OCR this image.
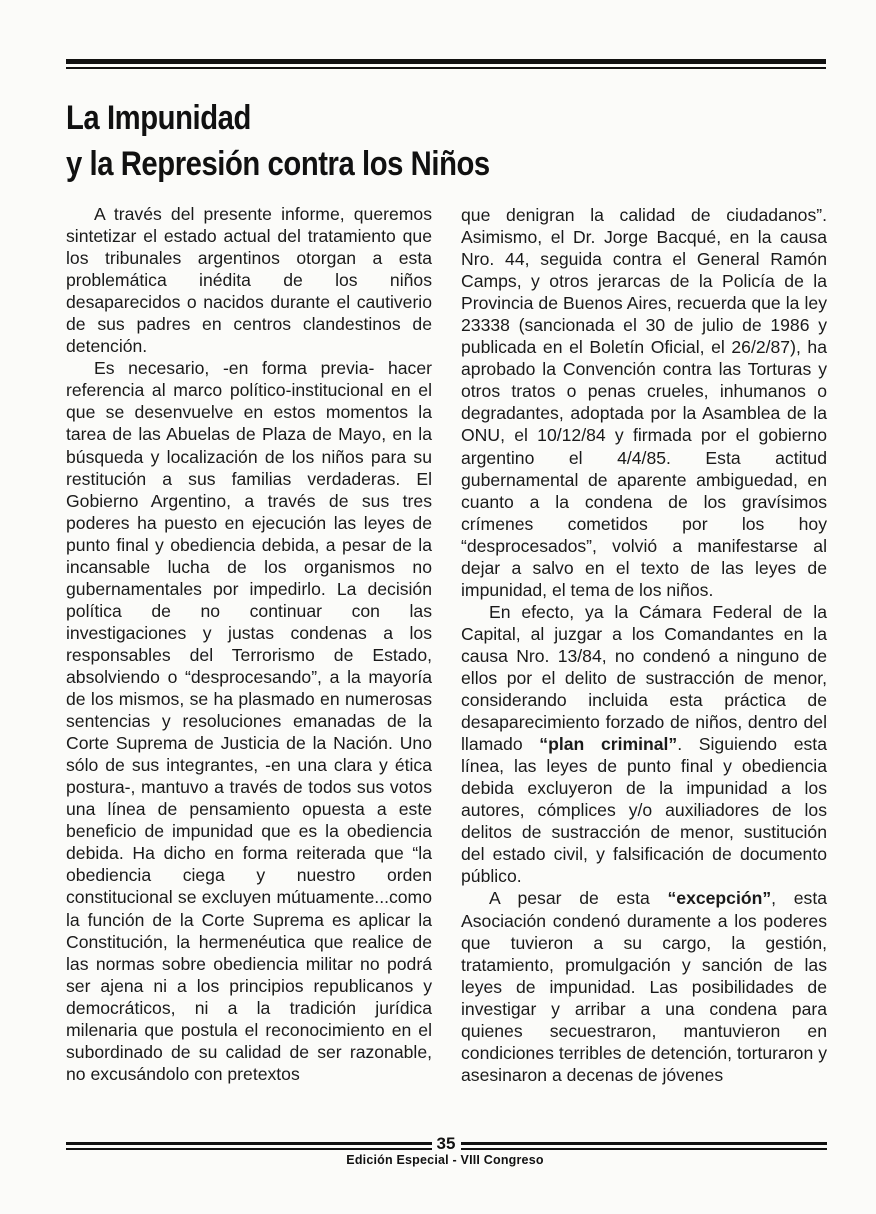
La Impunidad
y la Represión contra los Niños

A través del presente informe, queremos sintetizar el estado actual del tratamiento que los tribunales argentinos otorgan a esta problemática inédita de los niños desaparecidos o nacidos durante el cautiverio de sus padres en centros clandestinos de detención.

Es necesario, -en forma previa- hacer referencia al marco político-institucional en el que se desenvuelve en estos momentos la tarea de las Abuelas de Plaza de Mayo, en la búsqueda y localización de los niños para su restitución a sus familias verdaderas. El Gobierno Argentino, a través de sus tres poderes ha puesto en ejecución las leyes de punto final y obediencia debida, a pesar de la incansable lucha de los organismos no gubernamentales por impedirlo. La decisión política de no continuar con las investigaciones y justas condenas a los responsables del Terrorismo de Estado, absolviendo o “desprocesando”, a la mayoría de los mismos, se ha plasmado en numerosas sentencias y resoluciones emanadas de la Corte Suprema de Justicia de la Nación. Uno sólo de sus integrantes, -en una clara y ética postura-, mantuvo a través de todos sus votos una línea de pensamiento opuesta a este beneficio de impunidad que es la obediencia debida. Ha dicho en forma reiterada que “la obediencia ciega y nuestro orden constitucional se excluyen mútuamente...como la función de la Corte Suprema es aplicar la Constitución, la hermenéutica que realice de las normas sobre obediencia militar no podrá ser ajena ni a los principios republicanos y democráticos, ni a la tradición jurídica milenaria que postula el reconocimiento en el subordinado de su calidad de ser razonable, no excusándolo con pretextos

que denigran la calidad de ciudadanos”. Asimismo, el Dr. Jorge Bacqué, en la causa Nro. 44, seguida contra el General Ramón Camps, y otros jerarcas de la Policía de la Provincia de Buenos Aires, recuerda que la ley 23338 (sancionada el 30 de julio de 1986 y publicada en el Boletín Oficial, el 26/2/87), ha aprobado la Convención contra las Torturas y otros tratos o penas crueles, inhumanos o degradantes, adoptada por la Asamblea de la ONU, el 10/12/84 y firmada por el gobierno argentino el 4/4/85. Esta actitud gubernamental de aparente ambiguedad, en cuanto a la condena de los gravísimos crímenes cometidos por los hoy “desprocesados”, volvió a manifestarse al dejar a salvo en el texto de las leyes de impunidad, el tema de los niños.

En efecto, ya la Cámara Federal de la Capital, al juzgar a los Comandantes en la causa Nro. 13/84, no condenó a ninguno de ellos por el delito de sustracción de menor, considerando incluida esta práctica de desaparecimiento forzado de niños, dentro del llamado “plan criminal”. Siguiendo esta línea, las leyes de punto final y obediencia debida excluyeron de la impunidad a los autores, cómplices y/o auxiliadores de los delitos de sustracción de menor, sustitución del estado civil, y falsificación de documento público.

A pesar de esta “excepción”, esta Asociación condenó duramente a los poderes que tuvieron a su cargo, la gestión, tratamiento, promulgación y sanción de las leyes de impunidad. Las posibilidades de investigar y arribar a una condena para quienes secuestraron, mantuvieron en condiciones terribles de detención, torturaron y asesinaron a decenas de jóvenes

35
Edición Especial - VIII Congreso
